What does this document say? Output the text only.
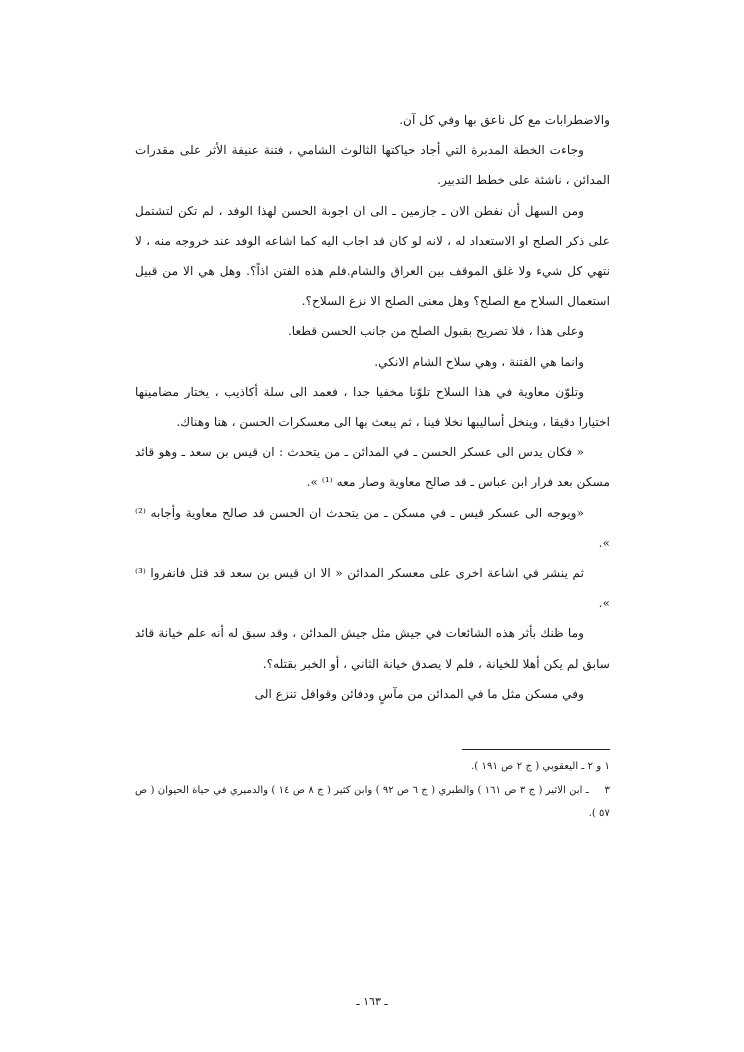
والاضطرابات مع كل ناعق بها وفي كل آن.

وجاءت الخطة المدبرة التي أجاد حياكتها الثالوث الشامي ، فتنة عنيفة الأثر على مقدرات المدائن ، ناشئة على خطط التدبير.

ومن السهل أن نفطن الان ـ جازمين ـ الى ان اجوبة الحسن لهذا الوفد ، لم تكن لتشتمل على ذكر الصلح او الاستعداد له ، لانه لو كان قد اجاب اليه كما اشاعه الوفد عند خروجه منه ، لا نتهي كل شيء ولا غلق الموقف بين العراق والشام.فلم هذه الفتن اذاً؟. وهل هي الا من قبيل استعمال السلاح مع الصلح؟ وهل معنى الصلح الا نزع السلاح؟.

وعلى هذا ، فلا تصريح بقبول الصلح من جانب الحسن قطعا.

وانما هي الفتنة ، وهي سلاح الشام الانكي.

وتلوّن معاوية في هذا السلاح تلوّنا مخفيا جدا ، فعمد الى سلة أكاذيب ، يختار مضامينها اختيارا دقيقا ، وينخل أساليبها نخلا فينا ، ثم يبعث بها الى معسكرات الحسن ، هنا وهناك.

« فكان يدس الى عسكر الحسن ـ في المدائن ـ من يتحدث : ان قيس بن سعد ـ وهو قائد مسكن بعد فرار ابن عباس ـ قد صالح معاوية وصار معه ⁽¹⁾ ».

«ويوجه الى عسكر قيس ـ في مسكن ـ من يتحدث ان الحسن قد صالح معاوية وأجابه ⁽²⁾ ».

ثم ينشر في اشاعة اخرى على معسكر المدائن « الا ان قيس بن سعد قد قتل فانفروا ⁽³⁾ ».

وما ظنك بأثر هذه الشائعات في جيش مثل جيش المدائن ، وقد سبق له أنه علم خيانة قائد سابق لم يكن أهلا للخيانة ، فلم لا يصدق خيانة الثاني ، أو الخبر بقتله؟.

وفي مسكن مثل ما في المدائن من مآسٍ ودفائن وقوافل تنزع الى

١ و ٢ ـ اليعقوبي ( ج ٢ ص ١٩١ ).

٣ ـ ابن الاثير ( ج ٣ ص ١٦١ ) والطبري ( ج ٦ ص ٩٢ ) وابن كثير ( ج ٨ ص ١٤ ) والدميري في حياة الحيوان ( ص ٥٧ ).

ـ ١٦٣ ـ
